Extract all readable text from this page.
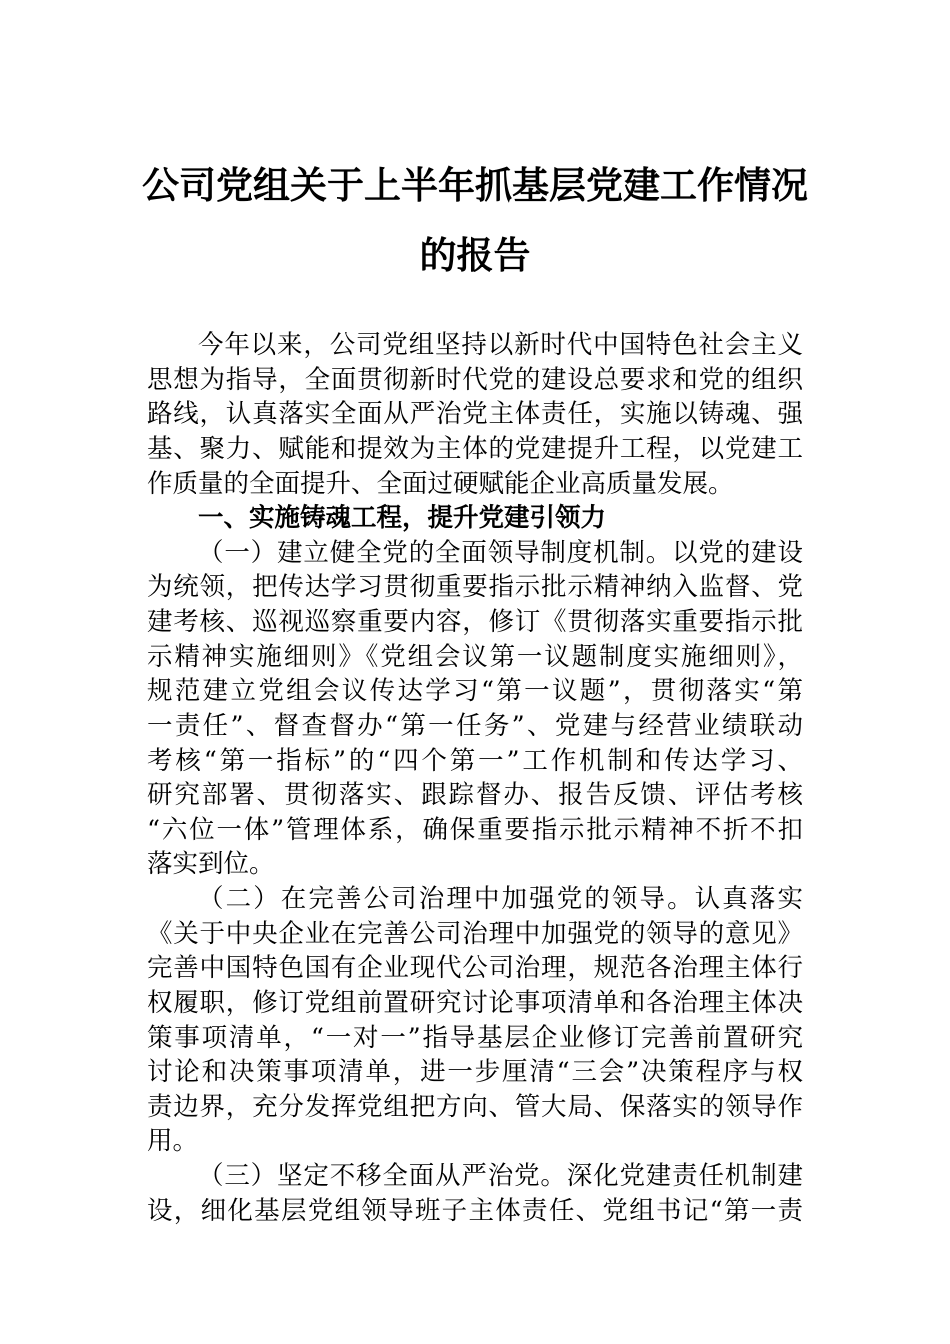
公司党组关于上半年抓基层党建工作情况
的报告
今年以来，公司党组坚持以新时代中国特色社会主义
思想为指导，全面贯彻新时代党的建设总要求和党的组织
路线，认真落实全面从严治党主体责任，实施以铸魂、强
基、聚力、赋能和提效为主体的党建提升工程，以党建工
作质量的全面提升、全面过硬赋能企业高质量发展。
一、实施铸魂工程，提升党建引领力
（一）建立健全党的全面领导制度机制。以党的建设
为统领，把传达学习贯彻重要指示批示精神纳入监督、党
建考核、巡视巡察重要内容，修订《贯彻落实重要指示批
示精神实施细则》《党组会议第一议题制度实施细则》，
规范建立党组会议传达学习“第一议题”，贯彻落实“第
一责任”、督查督办“第一任务”、党建与经营业绩联动
考核“第一指标”的“四个第一”工作机制和传达学习、
研究部署、贯彻落实、跟踪督办、报告反馈、评估考核
“六位一体”管理体系，确保重要指示批示精神不折不扣
落实到位。
（二）在完善公司治理中加强党的领导。认真落实
《关于中央企业在完善公司治理中加强党的领导的意见》
完善中国特色国有企业现代公司治理，规范各治理主体行
权履职，修订党组前置研究讨论事项清单和各治理主体决
策事项清单，“一对一”指导基层企业修订完善前置研究
讨论和决策事项清单，进一步厘清“三会”决策程序与权
责边界，充分发挥党组把方向、管大局、保落实的领导作
用。
（三）坚定不移全面从严治党。深化党建责任机制建
设，细化基层党组领导班子主体责任、党组书记“第一责
